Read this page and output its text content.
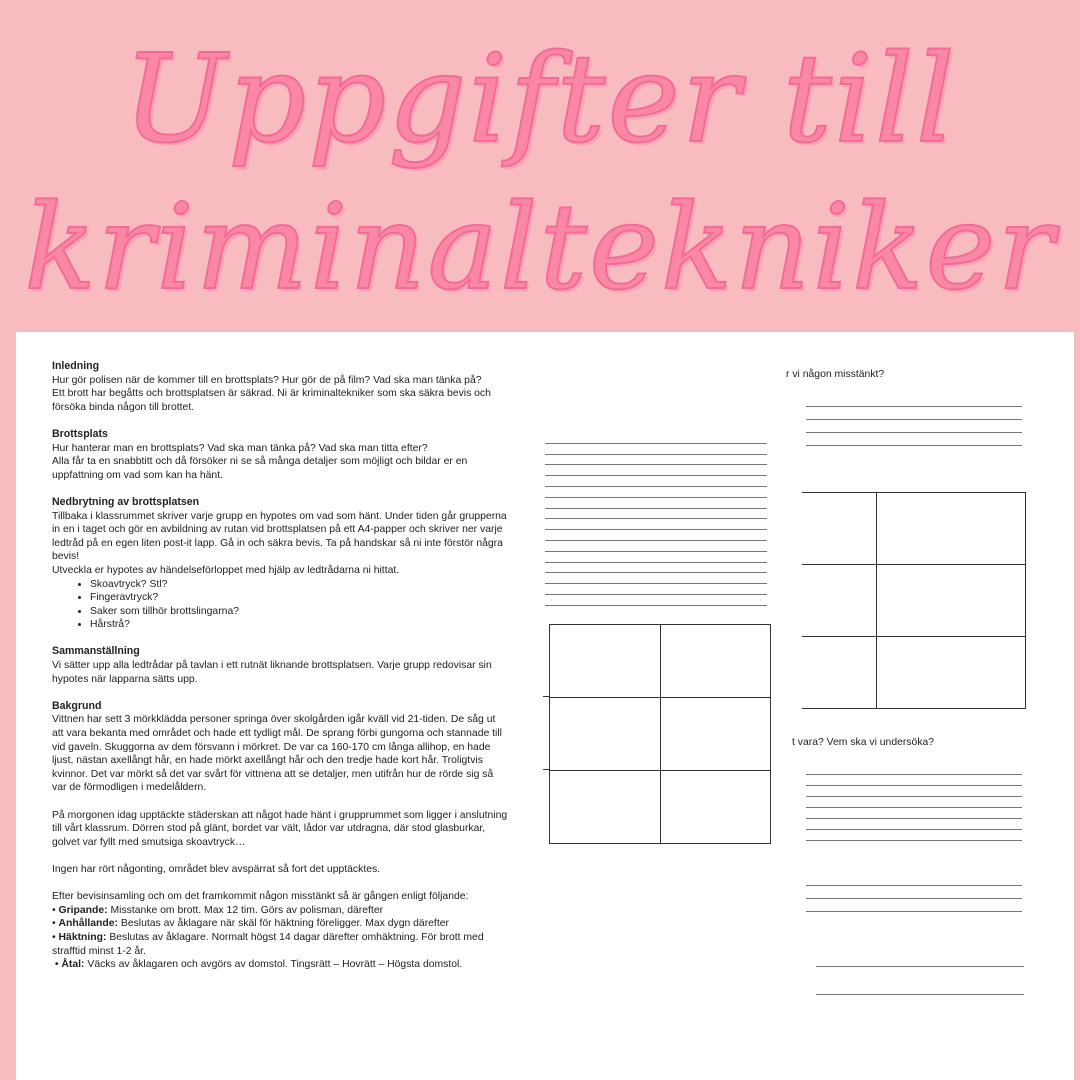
Uppgifter till
kriminaltekniker
Inledning

Hur gör polisen när de kommer till en brottsplats? Hur gör de på film? Vad ska man tänka på?

Ett brott har begåtts och brottsplatsen är säkrad. Ni är kriminaltekniker som ska säkra bevis och

försöka binda någon till brottet.

Brottsplats

Hur hanterar man en brottsplats? Vad ska man tänka på? Vad ska man titta efter?

Alla får ta en snabbtitt och då försöker ni se så många detaljer som möjligt och bildar er en

uppfattning om vad som kan ha hänt.

Nedbrytning av brottsplatsen

Tillbaka i klassrummet skriver varje grupp en hypotes om vad som hänt. Under tiden går grupperna

in en i taget och gör en avbildning av rutan vid brottsplatsen på ett A4-papper och skriver ner varje

ledtråd på en egen liten post-it lapp. Gå in och säkra bevis. Ta på handskar så ni inte förstör några

bevis!

Utveckla er hypotes av händelseförloppet med hjälp av ledtrådarna ni hittat.

• Skoavtryck? Stl?
• Fingeravtryck?
• Saker som tillhör brottslingarna?
• Hårstrå?
Sammanställning

Vi sätter upp alla ledtrådar på tavlan i ett rutnät liknande brottsplatsen. Varje grupp redovisar sin

hypotes när lapparna sätts upp.

Bakgrund

Vittnen har sett 3 mörkklädda personer springa över skolgården igår kväll vid 21-tiden. De såg ut

att vara bekanta med området och hade ett tydligt mål. De sprang förbi gungorna och stannade till

vid gaveln. Skuggorna av dem försvann i mörkret. De var ca 160-170 cm långa allihop, en hade

ljust, nästan axellångt hår, en hade mörkt axellångt hår och den tredje hade kort hår. Troligtvis

kvinnor. Det var mörkt så det var svårt för vittnena att se detaljer, men utifrån hur de rörde sig så

var de förmodligen i medelåldern.

På morgonen idag upptäckte städerskan att något hade hänt i grupprummet som ligger i anslutning

till vårt klassrum. Dörren stod på glänt, bordet var vält, lådor var utdragna, där stod glasburkar,

golvet var fyllt med smutsiga skoavtryck…

Ingen har rört någonting, området blev avspärrat så fort det upptäcktes.

Efter bevisinsamling och om det framkommit någon misstänkt så är gången enligt följande:

• Gripande: Misstanke om brott. Max 12 tim. Görs av polisman, därefter

• Anhållande: Beslutas av åklagare när skäl för häktning föreligger. Max dygn därefter

• Häktning: Beslutas av åklagare. Normalt högst 14 dagar därefter omhäktning. För brott med

strafftid minst 1-2 år.

• Åtal: Väcks av åklagaren och avgörs av domstol. Tingsrätt – Hovrätt – Högsta domstol.

r vi någon misstänkt?

t vara? Vem ska vi undersöka?
